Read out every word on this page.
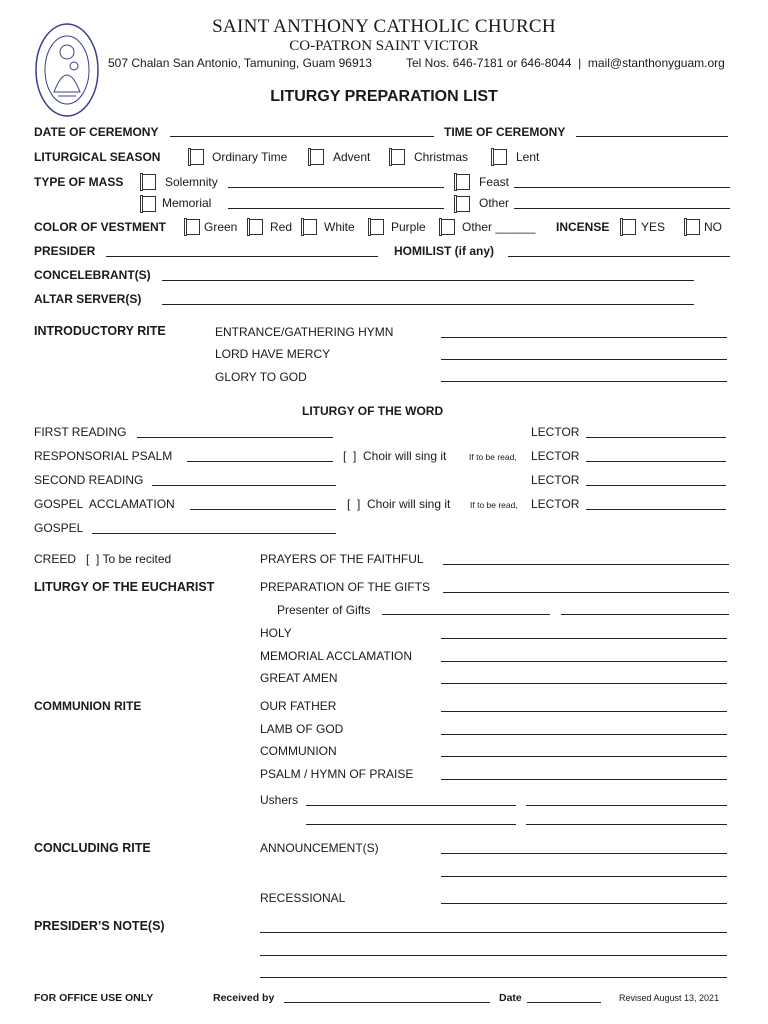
SAINT ANTHONY CATHOLIC CHURCH
CO-PATRON SAINT VICTOR
507 Chalan San Antonio, Tamuning, Guam 96913	Tel Nos. 646-7181 or 646-8044  |  mail@stanthonyguam.org
LITURGY PREPARATION LIST
DATE OF CEREMONY	TIME OF CEREMONY
LITURGICAL SEASON	Ordinary Time	Advent	Christmas	Lent
TYPE OF MASS	Solemnity	Feast
Memorial	Other
COLOR OF VESTMENT	Green	Red	White	Purple	Other ______ INCENSE	YES	NO
PRESIDER	HOMILIST (if any)
CONCELEBRANT(S)
ALTAR SERVER(S)
INTRODUCTORY RITE	ENTRANCE/GATHERING HYMN
LORD HAVE MERCY
GLORY TO GOD
LITURGY OF THE WORD
FIRST READING	LECTOR
RESPONSORIAL PSALM	[  ]  Choir will sing it	If to be read, LECTOR
SECOND READING	LECTOR
GOSPEL  ACCLAMATION	[  ]  Choir will sing it If to be read, LECTOR
GOSPEL
CREED   [  ] To be recited	PRAYERS OF THE FAITHFUL
LITURGY OF THE EUCHARIST	PREPARATION OF THE GIFTS
Presenter of Gifts
HOLY
MEMORIAL ACCLAMATION
GREAT AMEN
COMMUNION RITE	OUR FATHER
LAMB OF GOD
COMMUNION
PSALM / HYMN OF PRAISE
Ushers
CONCLUDING RITE	ANNOUNCEMENT(S)
RECESSIONAL
PRESIDER’S NOTE(S)
FOR OFFICE USE ONLY	Received by	Date	Revised August 13, 2021
